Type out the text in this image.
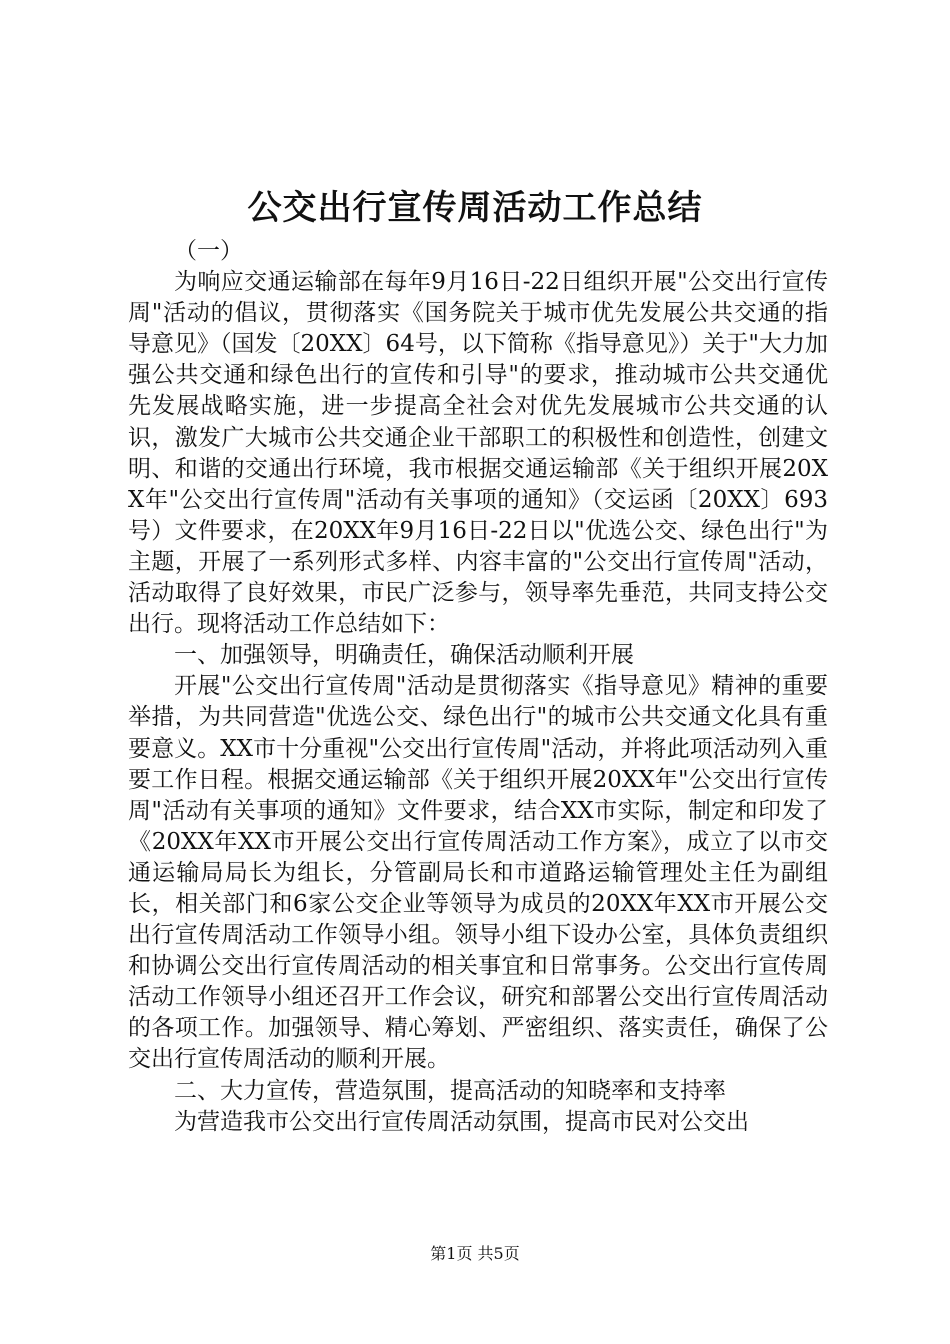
公交出行宣传周活动工作总结

（一）

为响应交通运输部在每年9月16日-22日组织开展"公交出行宣传周"活动的倡议，贯彻落实《国务院关于城市优先发展公共交通的指导意见》（国发〔20XX〕64号，以下简称《指导意见》）关于"大力加强公共交通和绿色出行的宣传和引导"的要求，推动城市公共交通优先发展战略实施，进一步提高全社会对优先发展城市公共交通的认识，激发广大城市公共交通企业干部职工的积极性和创造性，创建文明、和谐的交通出行环境，我市根据交通运输部《关于组织开展20XX年"公交出行宣传周"活动有关事项的通知》（交运函〔20XX〕693号）文件要求，在20XX年9月16日-22日以"优选公交、绿色出行"为主题，开展了一系列形式多样、内容丰富的"公交出行宣传周"活动，活动取得了良好效果，市民广泛参与，领导率先垂范，共同支持公交出行。现将活动工作总结如下：

一、加强领导，明确责任，确保活动顺利开展

开展"公交出行宣传周"活动是贯彻落实《指导意见》精神的重要举措，为共同营造"优选公交、绿色出行"的城市公共交通文化具有重要意义。XX市十分重视"公交出行宣传周"活动，并将此项活动列入重要工作日程。根据交通运输部《关于组织开展20XX年"公交出行宣传周"活动有关事项的通知》文件要求，结合XX市实际，制定和印发了《20XX年XX市开展公交出行宣传周活动工作方案》，成立了以市交通运输局局长为组长，分管副局长和市道路运输管理处主任为副组长，相关部门和6家公交企业等领导为成员的20XX年XX市开展公交出行宣传周活动工作领导小组。领导小组下设办公室，具体负责组织和协调公交出行宣传周活动的相关事宜和日常事务。公交出行宣传周活动工作领导小组还召开工作会议，研究和部署公交出行宣传周活动的各项工作。加强领导、精心筹划、严密组织、落实责任，确保了公交出行宣传周活动的顺利开展。

二、大力宣传，营造氛围，提高活动的知晓率和支持率

为营造我市公交出行宣传周活动氛围，提高市民对公交出

第1页 共5页
